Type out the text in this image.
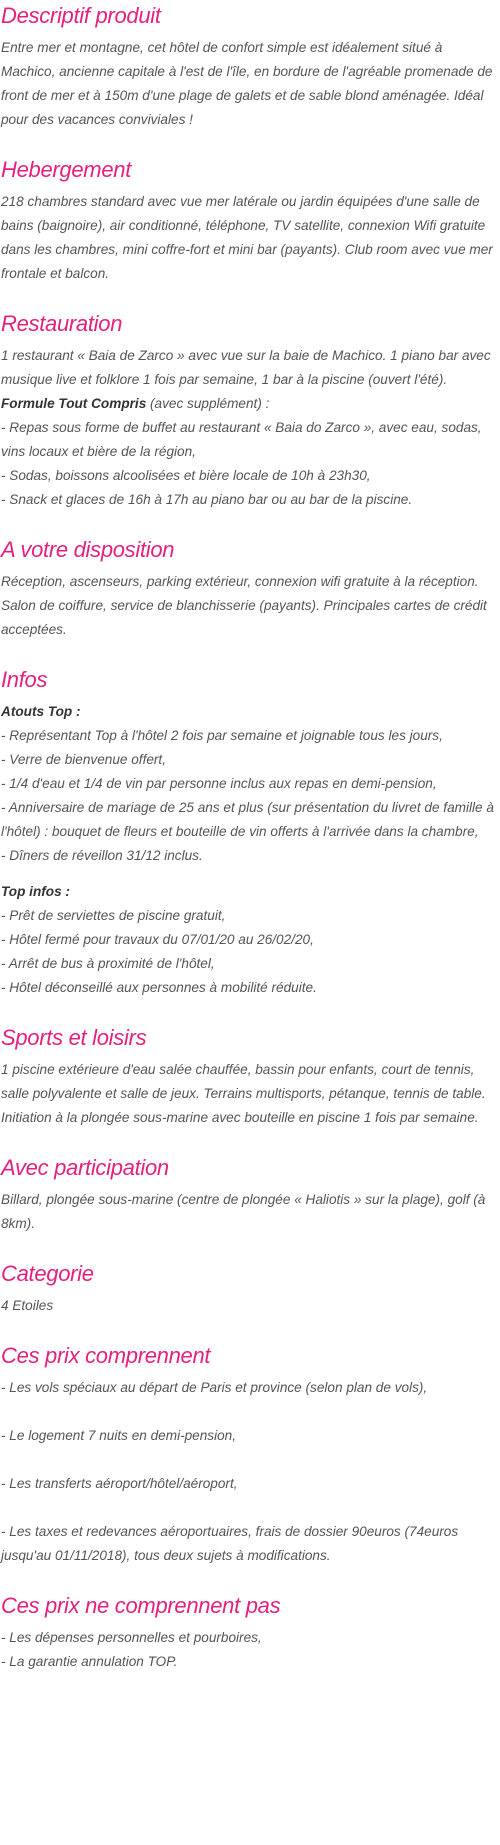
Descriptif produit

Entre mer et montagne, cet hôtel de confort simple est idéalement situé à Machico, ancienne capitale à l'est de l'île, en bordure de l'agréable promenade de front de mer et à 150m d'une plage de galets et de sable blond aménagée. Idéal pour des vacances conviviales !

Hebergement

218 chambres standard avec vue mer latérale ou jardin équipées d'une salle de bains (baignoire), air conditionné, téléphone, TV satellite, connexion Wifi gratuite dans les chambres, mini coffre-fort et mini bar (payants). Club room avec vue mer frontale et balcon.

Restauration
1 restaurant « Baia de Zarco » avec vue sur la baie de Machico. 1 piano bar avec musique live et folklore 1 fois par semaine, 1 bar à la piscine (ouvert l'été).
Formule Tout Compris (avec supplément) :
- Repas sous forme de buffet au restaurant « Baia do Zarco », avec eau, sodas, vins locaux et bière de la région,
- Sodas, boissons alcoolisées et bière locale de 10h à 23h30,
- Snack et glaces de 16h à 17h au piano bar ou au bar de la piscine.
A votre disposition

Réception, ascenseurs, parking extérieur, connexion wifi gratuite à la réception. Salon de coiffure, service de blanchisserie (payants). Principales cartes de crédit acceptées.

Infos
Atouts Top :
- Représentant Top à l'hôtel 2 fois par semaine et joignable tous les jours,
- Verre de bienvenue offert,
- 1/4 d'eau et 1/4 de vin par personne inclus aux repas en demi-pension,
- Anniversaire de mariage de 25 ans et plus (sur présentation du livret de famille à l'hôtel) : bouquet de fleurs et bouteille de vin offerts à l'arrivée dans la chambre,
- Dîners de réveillon 31/12 inclus.
Top infos :
- Prêt de serviettes de piscine gratuit,
- Hôtel fermé pour travaux du 07/01/20 au 26/02/20,
- Arrêt de bus à proximité de l'hôtel,
- Hôtel déconseillé aux personnes à mobilité réduite.
Sports et loisirs

1 piscine extérieure d'eau salée chauffée, bassin pour enfants, court de tennis, salle polyvalente et salle de jeux. Terrains multisports, pétanque, tennis de table. Initiation à la plongée sous-marine avec bouteille en piscine 1 fois par semaine.

Avec participation

Billard, plongée sous-marine (centre de plongée « Haliotis » sur la plage), golf (à 8km).

Categorie

4 Etoiles

Ces prix comprennent
- Les vols spéciaux au départ de Paris et province (selon plan de vols),
- Le logement 7 nuits en demi-pension,
- Les transferts aéroport/hôtel/aéroport,
- Les taxes et redevances aéroportuaires, frais de dossier 90euros (74euros jusqu'au 01/11/2018), tous deux sujets à modifications.
Ces prix ne comprennent pas
- Les dépenses personnelles et pourboires,
- La garantie annulation TOP.
